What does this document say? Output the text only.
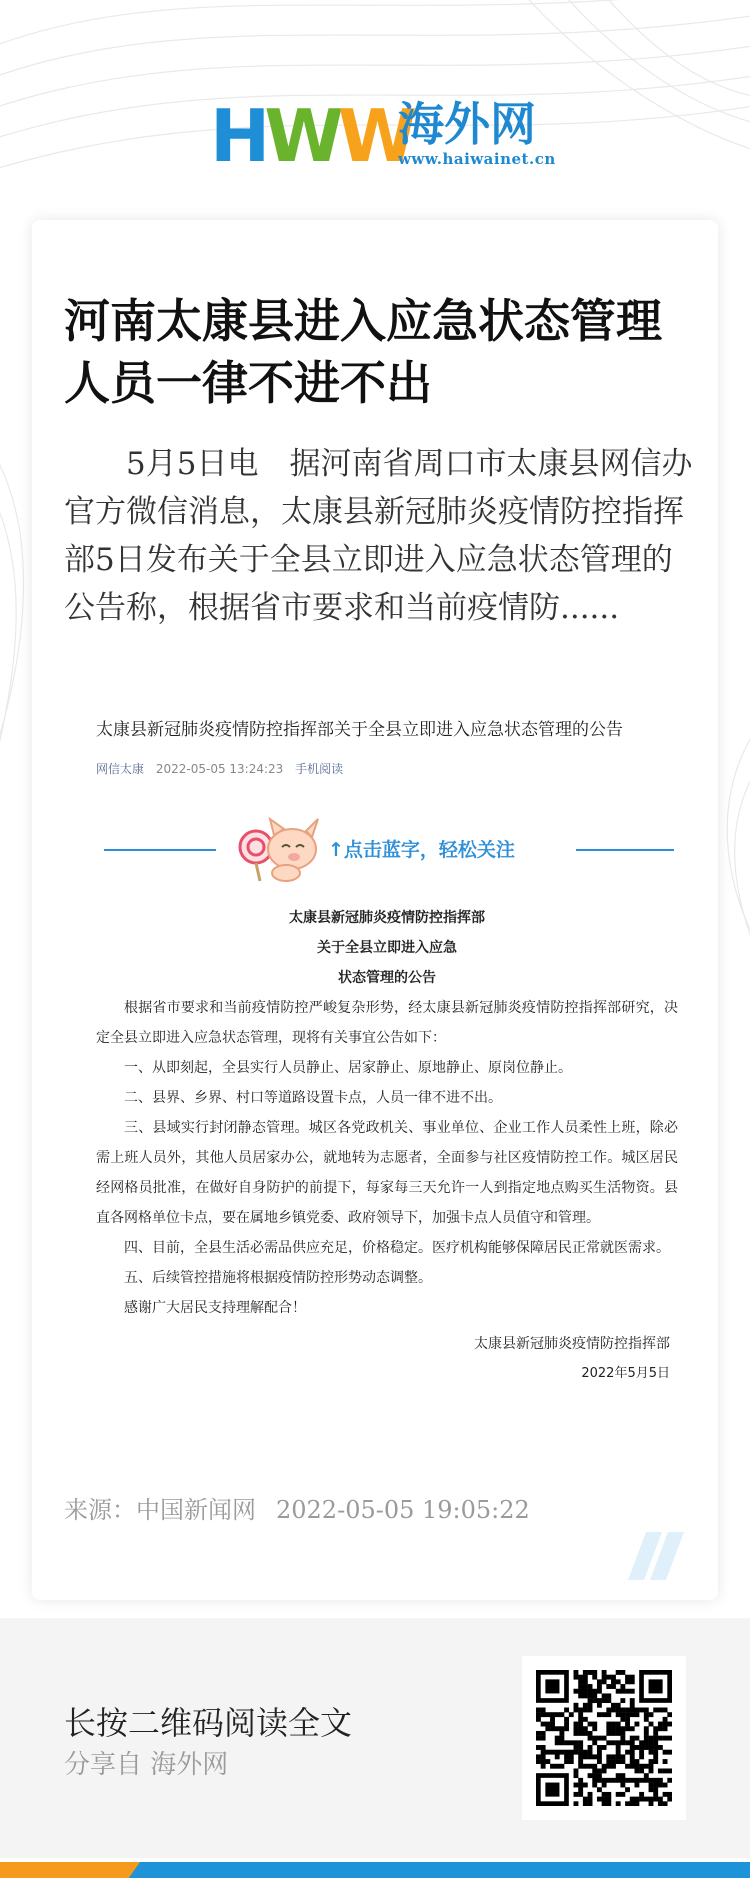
HWW
海外网
www.haiwainet.cn
河南太康县进入应急状态管理 人员一律不进不出

5月5日电　据河南省周口市太康县网信办官方微信消息，太康县新冠肺炎疫情防控指挥部5日发布关于全县立即进入应急状态管理的公告称，根据省市要求和当前疫情防......

太康县新冠肺炎疫情防控指挥部关于全县立即进入应急状态管理的公告

网信太康 2022-05-05 13:24:23 手机阅读
↑点击蓝字，轻松关注

太康县新冠肺炎疫情防控指挥部

关于全县立即进入应急

状态管理的公告

根据省市要求和当前疫情防控严峻复杂形势，经太康县新冠肺炎疫情防控指挥部研究，决定全县立即进入应急状态管理，现将有关事宜公告如下：

一、从即刻起，全县实行人员静止、居家静止、原地静止、原岗位静止。

二、县界、乡界、村口等道路设置卡点，人员一律不进不出。

三、县域实行封闭静态管理。城区各党政机关、事业单位、企业工作人员柔性上班，除必需上班人员外，其他人员居家办公，就地转为志愿者，全面参与社区疫情防控工作。城区居民经网格员批准，在做好自身防护的前提下，每家每三天允许一人到指定地点购买生活物资。县直各网格单位卡点，要在属地乡镇党委、政府领导下，加强卡点人员值守和管理。

四、目前，全县生活必需品供应充足，价格稳定。医疗机构能够保障居民正常就医需求。

五、后续管控措施将根据疫情防控形势动态调整。

感谢广大居民支持理解配合！

太康县新冠肺炎疫情防控指挥部

2022年5月5日

来源：中国新闻网 2022-05-05 19:05:22
长按二维码阅读全文
分享自 海外网
